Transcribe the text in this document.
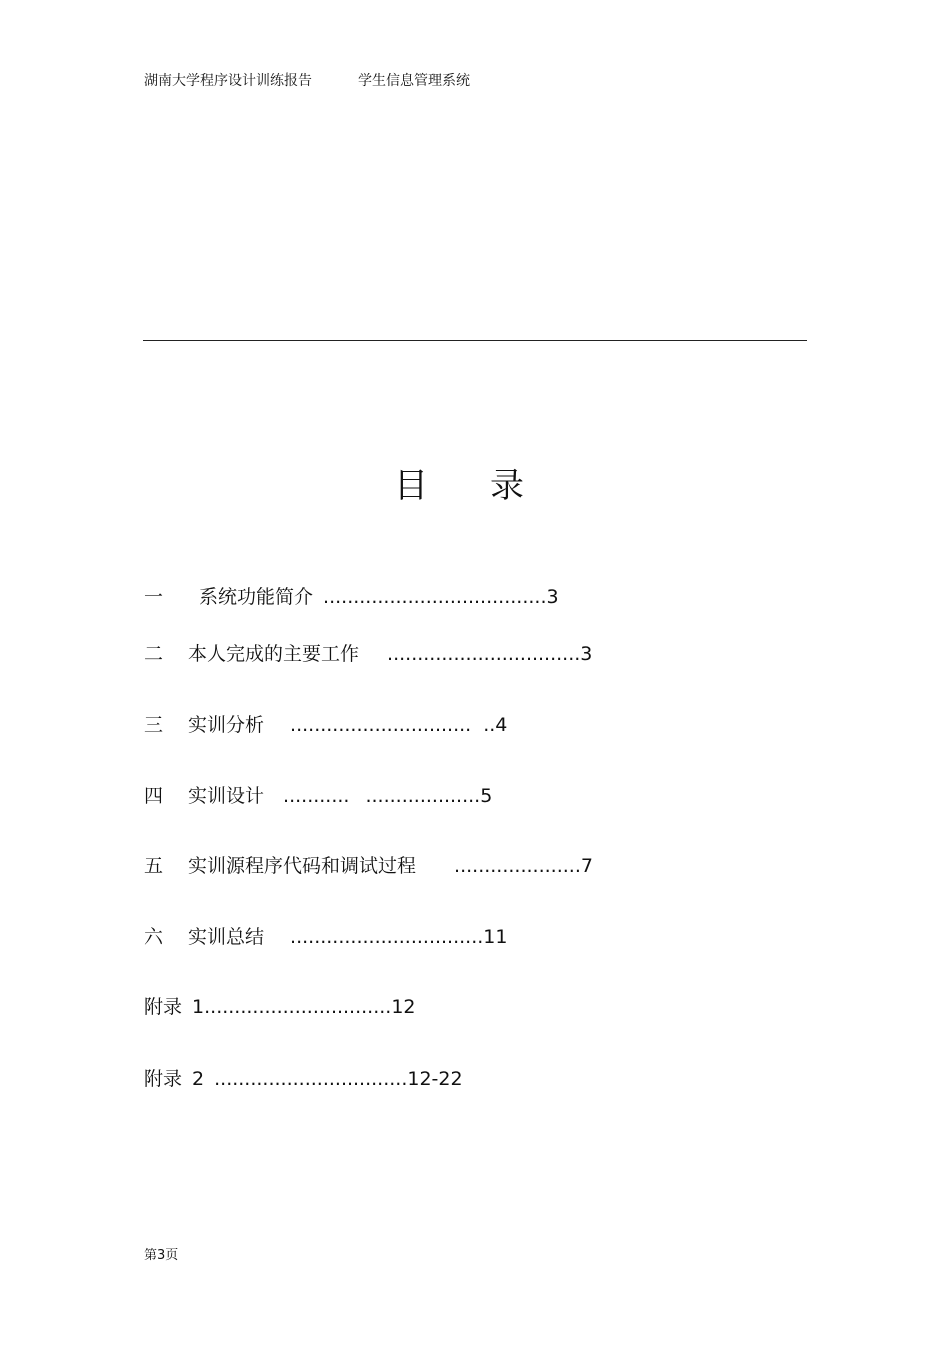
湖南大学程序设计训练报告	学生信息管理系统
目 录
一 系统功能简介 .....................................3
二 本人完成的主要工作 ................................3
三 实训分析 .............................. ..4
四 实训设计 ........... ...................5
五 实训源程序代码和调试过程 .....................7
六 实训总结 ................................11
附录 1...............................12
附录 2 ................................12-22
第3页
